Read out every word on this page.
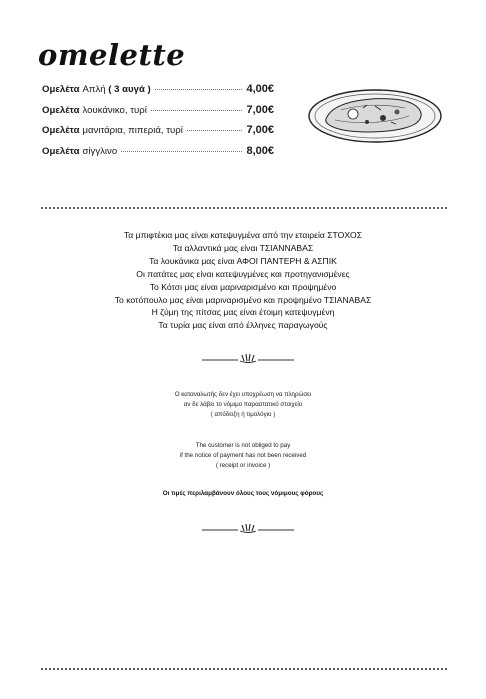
omelette
Ομελέτα Απλή ( 3 αυγά )	4,00€
Ομελέτα λουκάνικο, τυρί	7,00€
Ομελέτα μανιτάρια, πιπεριά, τυρί	7,00€
Ομελέτα σίγγλινο	8,00€
Τα μπιφτέκια μας είναι κατεψυγμένα από την εταιρεία ΣΤΟΧΟΣ
Τα αλλαντικά μας είναι ΤΣΙΑΝΝΑΒΑΣ
Τα λουκάνικα μας είναι ΑΦΟΙ ΠΑΝΤΕΡΗ & ΑΣΠΙΚ
Οι πατάτες μας είναι κατεψυγμένες και προτηγανισμένες
Το Κότσι μας είναι μαριναρισμένο και προψημένο
Το κοτόπουλο μας είναι μαριναρισμένο και προψημένο ΤΣΙΑΝΑΒΑΣ
Η ζύμη της πίτσας μας είναι έτοιμη κατεψυγμένη
Τα τυρία μας είναι από έλληνες παραγωγούς
Ο καταναλωτής δεν έχει υποχρέωση να πληρώσει
αν δε λάβει το νόμιμο παραστατικό στοιχείο
( απόδειξη ή τιμολόγιο )
The customer is not obliged to pay
if the notice of payment has not been received
( receipt or invoice )
Οι τιμές περιλαμβάνουν όλους τους νόμιμους φόρους
